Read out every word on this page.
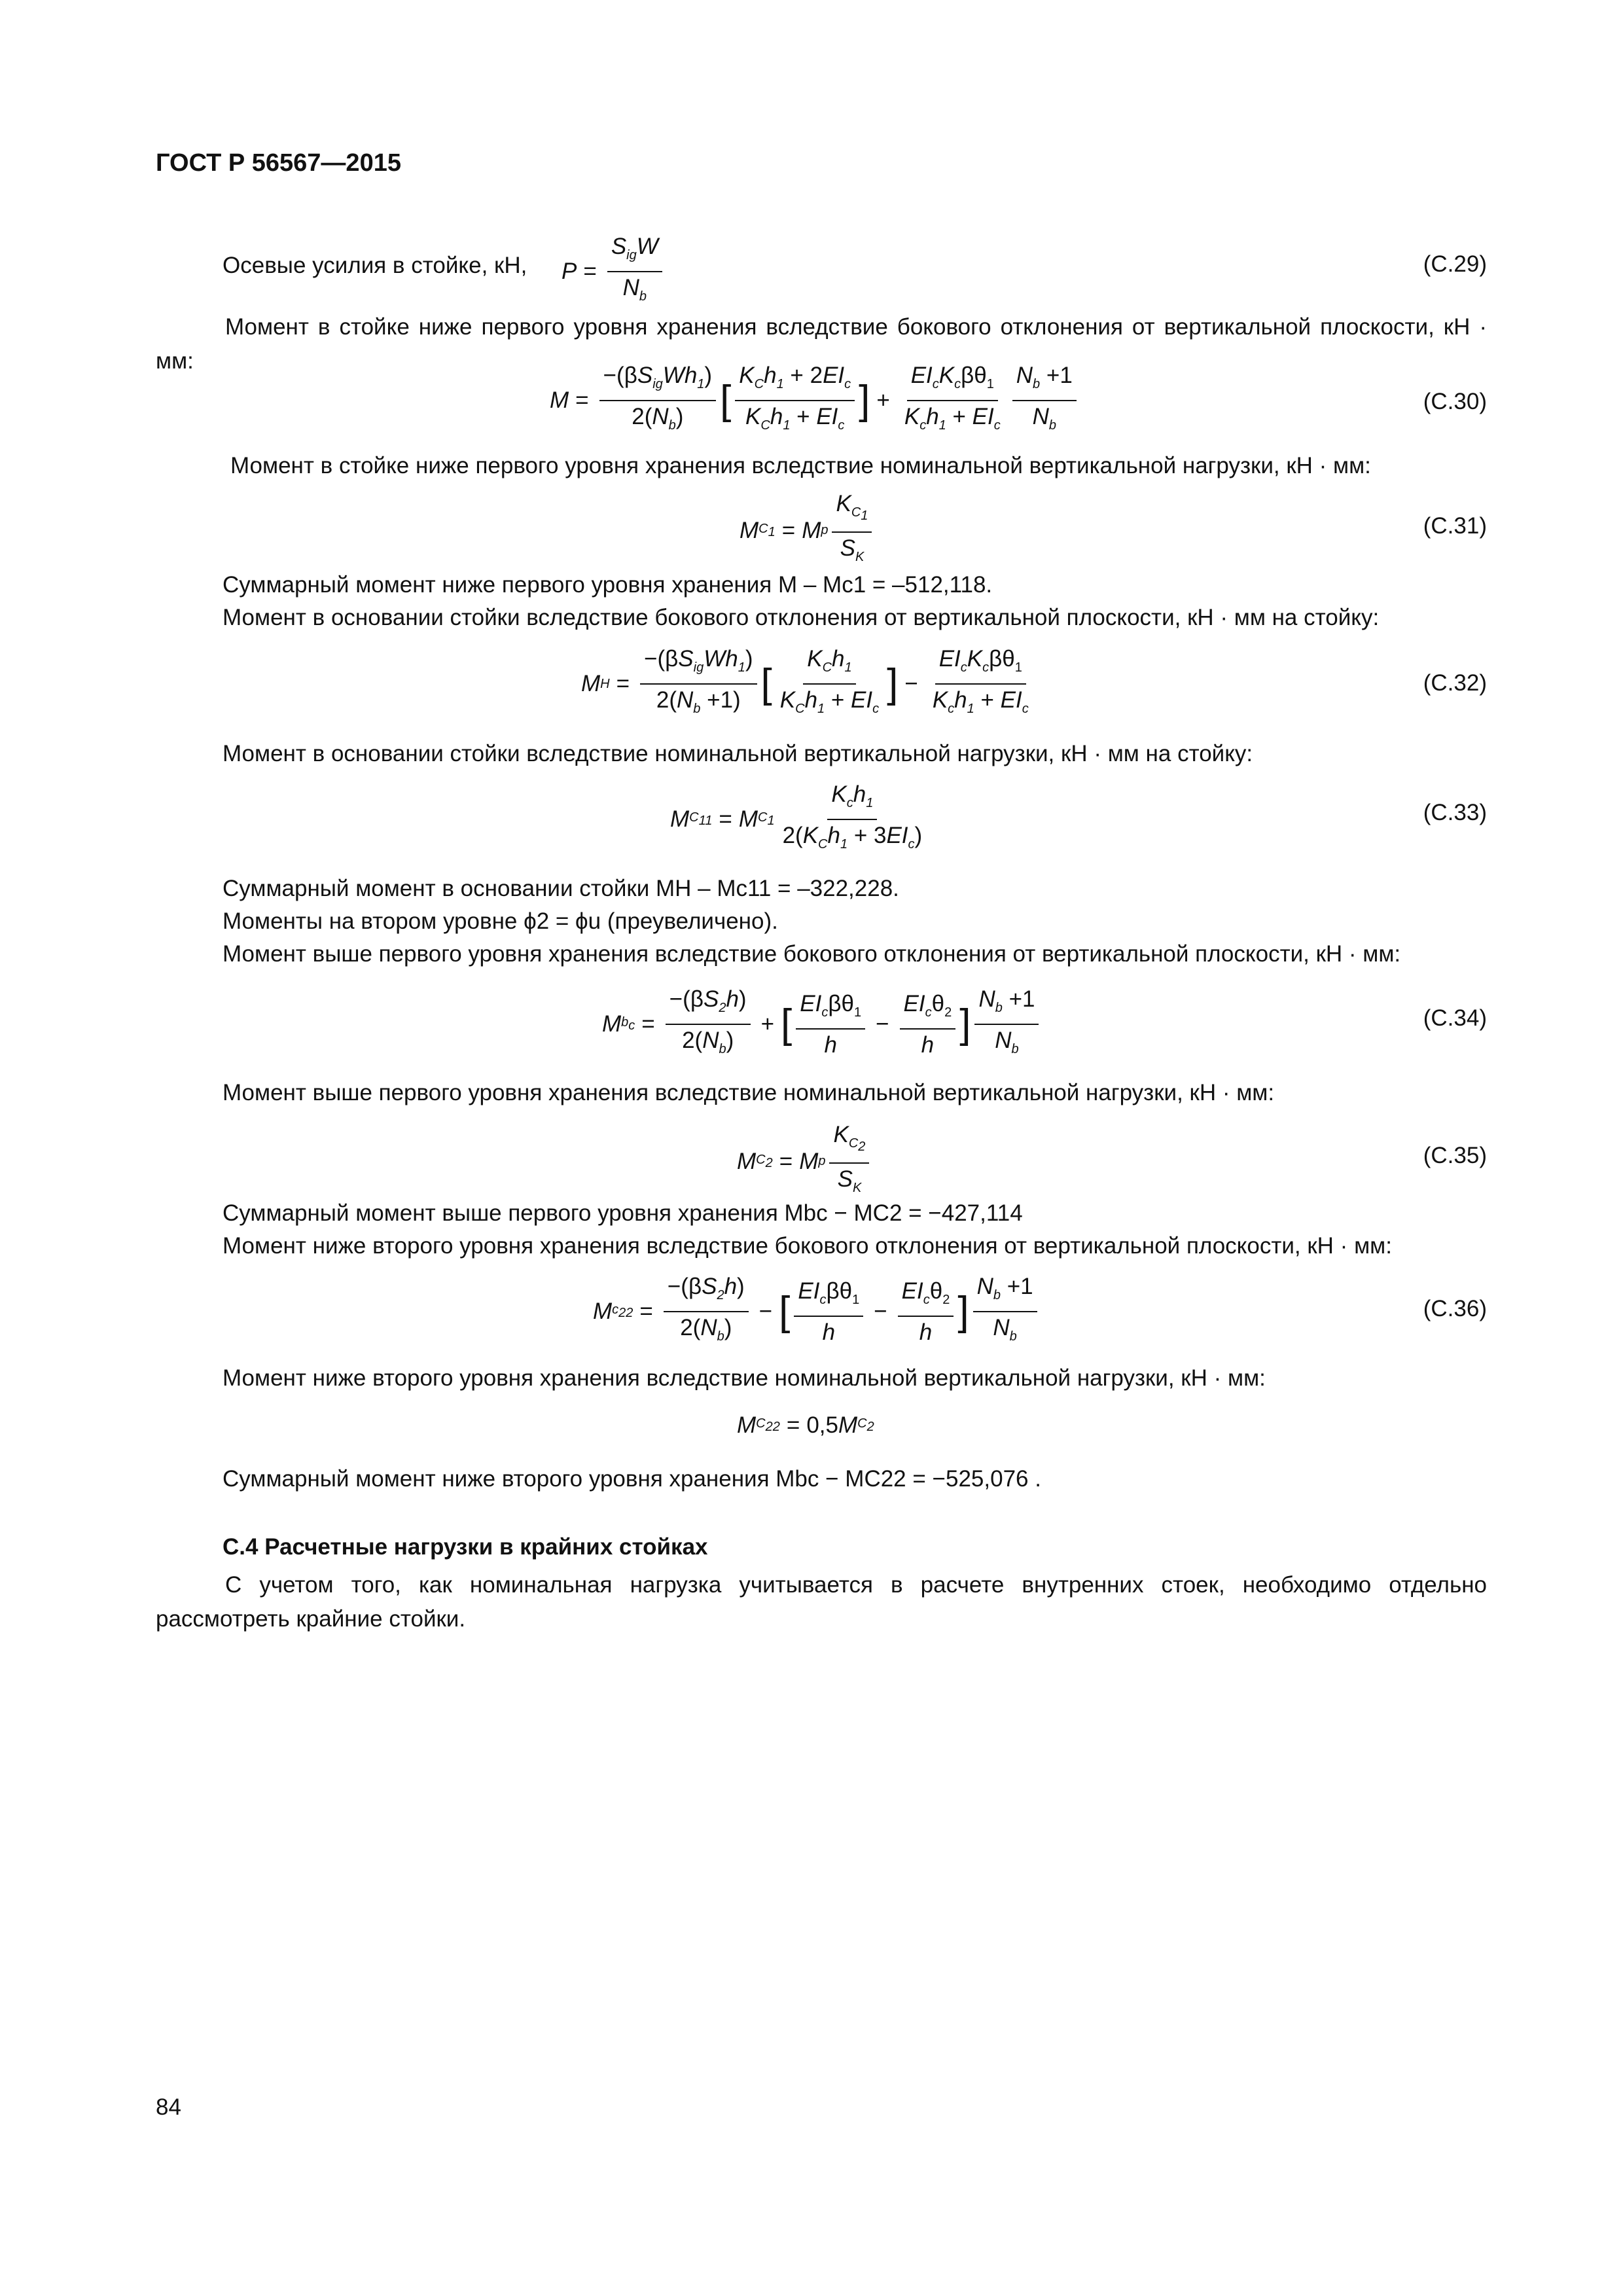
ГОСТ Р 56567—2015
Осевые усилия в стойке, кН, $P = \frac{S_{ig}W}{N_b}$	(С.29)
Момент в стойке ниже первого уровня хранения вследствие бокового отклонения от вертикальной плоскости, кН · мм:
$M = \frac{-(\beta S_{ig}Wh_1)}{2(N_b)}$ [ $\frac{K_Ch_1 + 2EI_c}{K_Ch_1 + EI_c}$ ] + $\frac{EI_cK_c\beta\theta_1}{K_ch_1 + EI_c} \frac{N_b +1}{N_b}$	(С.30)
Момент в стойке ниже первого уровня хранения вследствие номинальной вертикальной нагрузки, кН · мм:
M $C_1 = M$ p $\frac{K_{C_1}}{S_K}$	(С.31)
Суммарный момент ниже первого уровня хранения M – Mc1 = –512,118.
Момент в основании стойки вследствие бокового отклонения от вертикальной плоскости, кН · мм на стойку:
M $H = \frac{-(\beta S_{ig}Wh_1)}{2(N_b +1)}$ [ $\frac{K_Ch_1}{K_Ch_1 + EI_c}$ ] − $\frac{EI_cK_c\beta\theta_1}{K_ch_1 + EI_c}$	(С.32)
Момент в основании стойки вследствие номинальной вертикальной нагрузки, кН · мм на стойку:
M $C_{11} = M$ $C_1 \frac{K_ch_1}{2(K_Ch_1 + 3EI_c)}$	(С.33)
Суммарный момент в основании стойки MH – Mc11 = –322,228.
Моменты на втором уровне ϕ2 = ϕu (преувеличено).
Момент выше первого уровня хранения вследствие бокового отклонения от вертикальной плоскости, кН · мм:
M $b_c = \frac{-(\beta S_2h)}{2(N_b)}$ + [ $\frac{EI_c\beta\theta_1}{h} - \frac{EI_c\theta_2}{h}$ ] $\frac{N_b +1}{N_b}$	(С.34)
Момент выше первого уровня хранения вследствие номинальной вертикальной нагрузки, кН · мм:
M $C_2 = M$ p $\frac{K_{C_2}}{S_K}$	(С.35)
Суммарный момент выше первого уровня хранения Mbc − MC2 = −427,114
Момент ниже второго уровня хранения вследствие бокового отклонения от вертикальной плоскости, кН · мм:
M $c_{22} = \frac{-(\beta S_2h)}{2(N_b)}$ − [ $\frac{EI_c\beta\theta_1}{h} - \frac{EI_c\theta_2}{h}$ ] $\frac{N_b +1}{N_b}$	(С.36)
Момент ниже второго уровня хранения вследствие номинальной вертикальной нагрузки, кН · мм:
M $C_{22} = 0,5$ M $C_2$
Суммарный момент ниже второго уровня хранения Mbc − MC22 = −525,076 .
С.4 Расчетные нагрузки в крайних стойках
С учетом того, как номинальная нагрузка учитывается в расчете внутренних стоек, необходимо отдельно рассмотреть крайние стойки.
84
